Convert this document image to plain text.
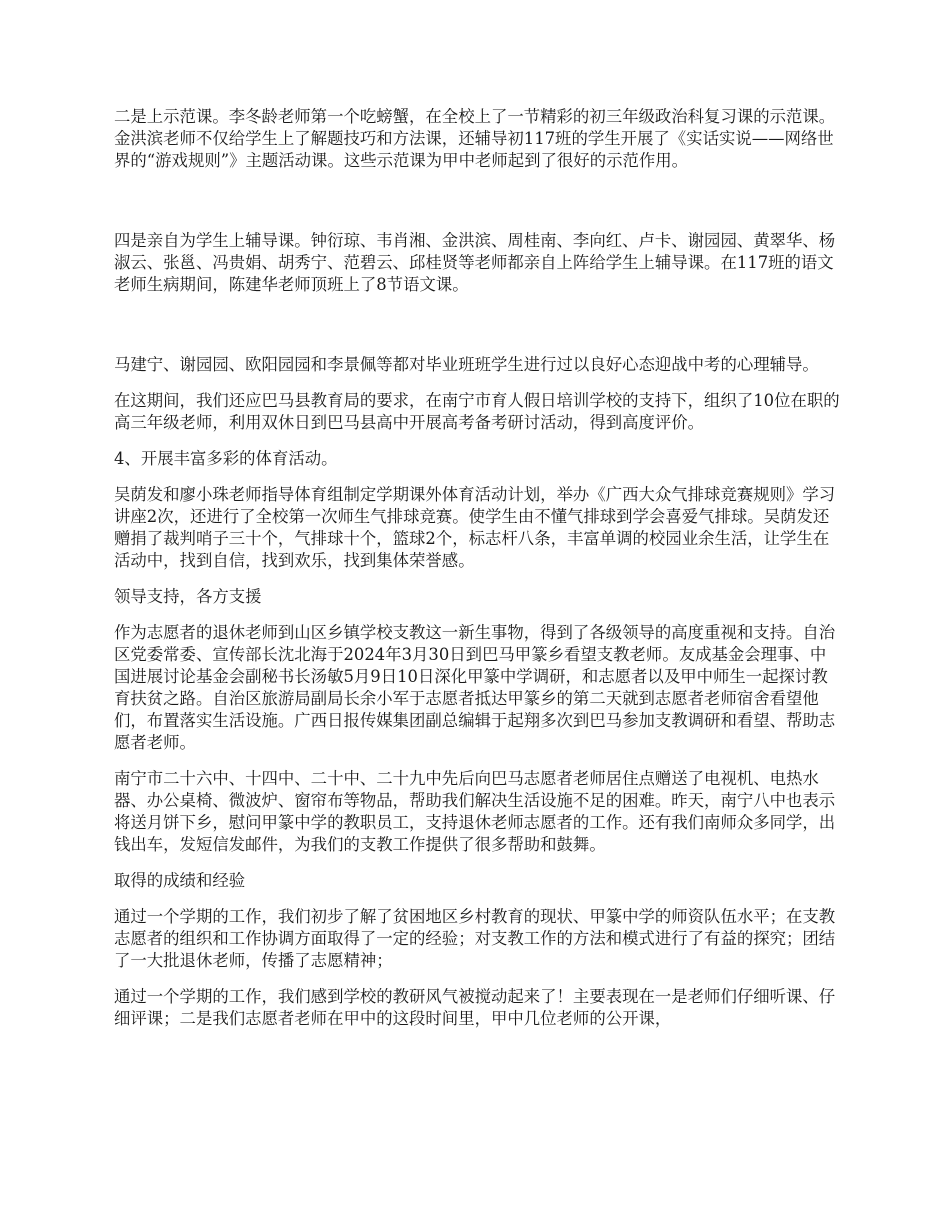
二是上示范课。李冬龄老师第一个吃螃蟹，在全校上了一节精彩的初三年级政治科复习课的示范课。金洪滨老师不仅给学生上了解题技巧和方法课，还辅导初117班的学生开展了《实话实说——网络世界的“游戏规则”》主题活动课。这些示范课为甲中老师起到了很好的示范作用。

四是亲自为学生上辅导课。钟衍琼、韦肖湘、金洪滨、周桂南、李向红、卢卡、谢园园、黄翠华、杨淑云、张邕、冯贵娟、胡秀宁、范碧云、邱桂贤等老师都亲自上阵给学生上辅导课。在117班的语文老师生病期间，陈建华老师顶班上了8节语文课。

马建宁、谢园园、欧阳园园和李景佩等都对毕业班班学生进行过以良好心态迎战中考的心理辅导。

在这期间，我们还应巴马县教育局的要求，在南宁市育人假日培训学校的支持下，组织了10位在职的高三年级老师，利用双休日到巴马县高中开展高考备考研讨活动，得到高度评价。

4、开展丰富多彩的体育活动。

吴荫发和廖小珠老师指导体育组制定学期课外体育活动计划，举办《广西大众气排球竞赛规则》学习讲座2次，还进行了全校第一次师生气排球竞赛。使学生由不懂气排球到学会喜爱气排球。吴荫发还赠捐了裁判哨子三十个，气排球十个，篮球2个，标志杆八条，丰富单调的校园业余生活，让学生在活动中，找到自信，找到欢乐，找到集体荣誉感。

领导支持，各方支援

作为志愿者的退休老师到山区乡镇学校支教这一新生事物，得到了各级领导的高度重视和支持。自治区党委常委、宣传部长沈北海于2024年3月30日到巴马甲篆乡看望支教老师。友成基金会理事、中国进展讨论基金会副秘书长汤敏5月9日10日深化甲篆中学调研，和志愿者以及甲中师生一起探讨教育扶贫之路。自治区旅游局副局长余小军于志愿者抵达甲篆乡的第二天就到志愿者老师宿舍看望他们，布置落实生活设施。广西日报传媒集团副总编辑于起翔多次到巴马参加支教调研和看望、帮助志愿者老师。

南宁市二十六中、十四中、二十中、二十九中先后向巴马志愿者老师居住点赠送了电视机、电热水器、办公桌椅、微波炉、窗帘布等物品，帮助我们解决生活设施不足的困难。昨天，南宁八中也表示将送月饼下乡，慰问甲篆中学的教职员工，支持退休老师志愿者的工作。还有我们南师众多同学，出钱出车，发短信发邮件，为我们的支教工作提供了很多帮助和鼓舞。

取得的成绩和经验

通过一个学期的工作，我们初步了解了贫困地区乡村教育的现状、甲篆中学的师资队伍水平；在支教志愿者的组织和工作协调方面取得了一定的经验；对支教工作的方法和模式进行了有益的探究；团结了一大批退休老师，传播了志愿精神；

通过一个学期的工作，我们感到学校的教研风气被搅动起来了！主要表现在一是老师们仔细听课、仔细评课；二是我们志愿者老师在甲中的这段时间里，甲中几位老师的公开课，
